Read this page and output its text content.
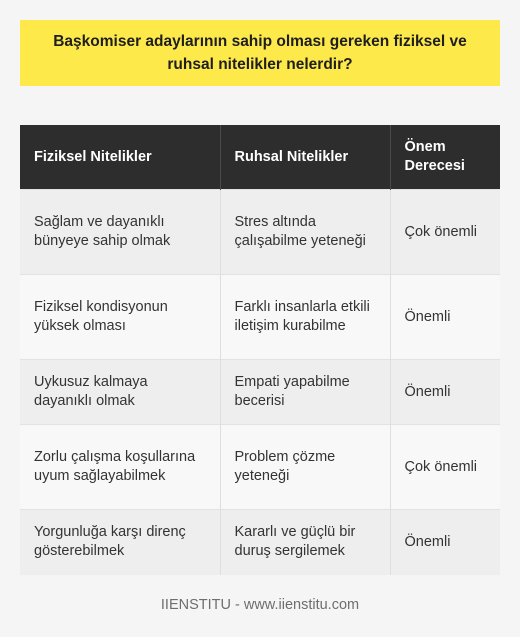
Başkomiser adaylarının sahip olması gereken fiziksel ve ruhsal nitelikler nelerdir?
Fiziksel Nitelikler	Ruhsal Nitelikler	Önem Derecesi
Sağlam ve dayanıklı bünyeye sahip olmak	Stres altında çalışabilme yeteneği	Çok önemli
Fiziksel kondisyonun yüksek olması	Farklı insanlarla etkili iletişim kurabilme	Önemli
Uykusuz kalmaya dayanıklı olmak	Empati yapabilme becerisi	Önemli
Zorlu çalışma koşullarına uyum sağlayabilmek	Problem çözme yeteneği	Çok önemli
Yorgunluğa karşı direnç gösterebilmek	Kararlı ve güçlü bir duruş sergilemek	Önemli
IIENSTITU - www.iienstitu.com
